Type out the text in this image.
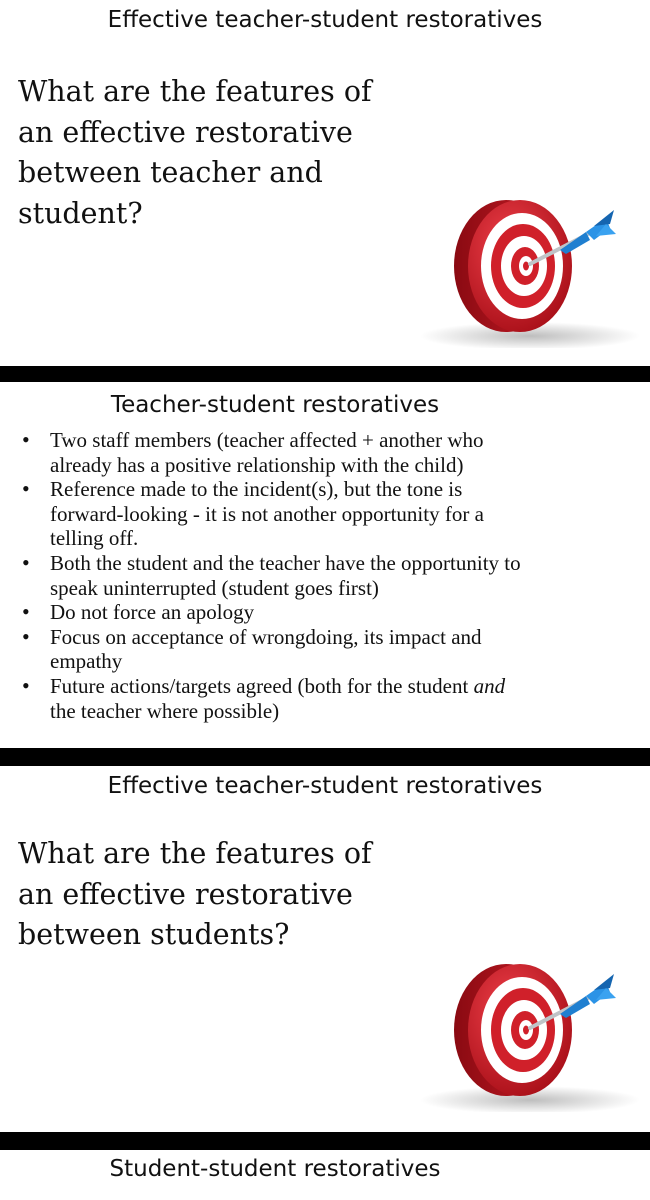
Effective teacher-student restoratives
What are the features of
an effective restorative
between teacher and
student?
Teacher-student restoratives
• Two staff members (teacher affected + another who
already has a positive relationship with the child)
• Reference made to the incident(s), but the tone is
forward-looking - it is not another opportunity for a
telling off.
• Both the student and the teacher have the opportunity to
speak uninterrupted (student goes first)
• Do not force an apology
• Focus on acceptance of wrongdoing, its impact and
empathy
• Future actions/targets agreed (both for the student and
the teacher where possible)
Effective teacher-student restoratives
What are the features of
an effective restorative
between students?
Student-student restoratives
